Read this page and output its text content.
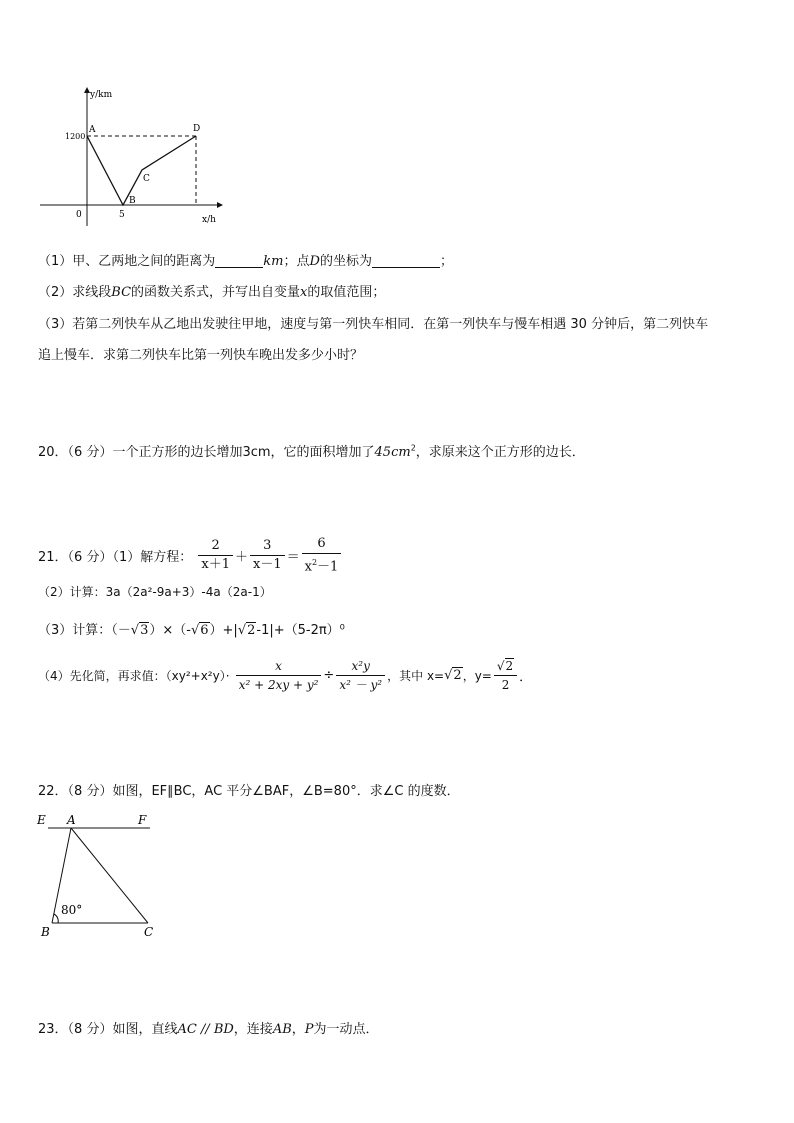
y/km
x/h
0
1200
5
A
B
C
D
（1）甲、乙两地之间的距离为	km；点D的坐标为	；
（2）求线段BC的函数关系式，并写出自变量x的取值范围；
（3）若第二列快车从乙地出发驶往甲地，速度与第一列快车相同．在第一列快车与慢车相遇 30 分钟后，第二列快车
追上慢车．求第二列快车比第一列快车晚出发多少小时？
20．（6 分）一个正方形的边长增加3cm，它的面积增加了$45cm^2$，求原来这个正方形的边长．
21．（6 分）（1）解方程： $\frac{2}{x+1} + \frac{3}{x-1} = \frac{6}{x^2-1}$
（2）计算：3a（2a²-9a+3）-4a（2a-1）
（3）计算：（－√3）×（-√6）+|√2-1|+（5-2π）⁰
（4）先化简，再求值：$(xy^2+x^2y)\cdot \frac{x}{\text{x² + 2xy + y²}} \div \frac{\text{x²y}}{\text{x² － y²}}$ ，其中 x=√2，$y= \frac{√2}{2}$ ．
22．（8 分）如图，EF∥BC，AC 平分∠BAF，∠B=80°．求∠C 的度数．
E A	F
B	C
80°
23．（8 分）如图，直线AC // BD，连接AB，P为一动点．
